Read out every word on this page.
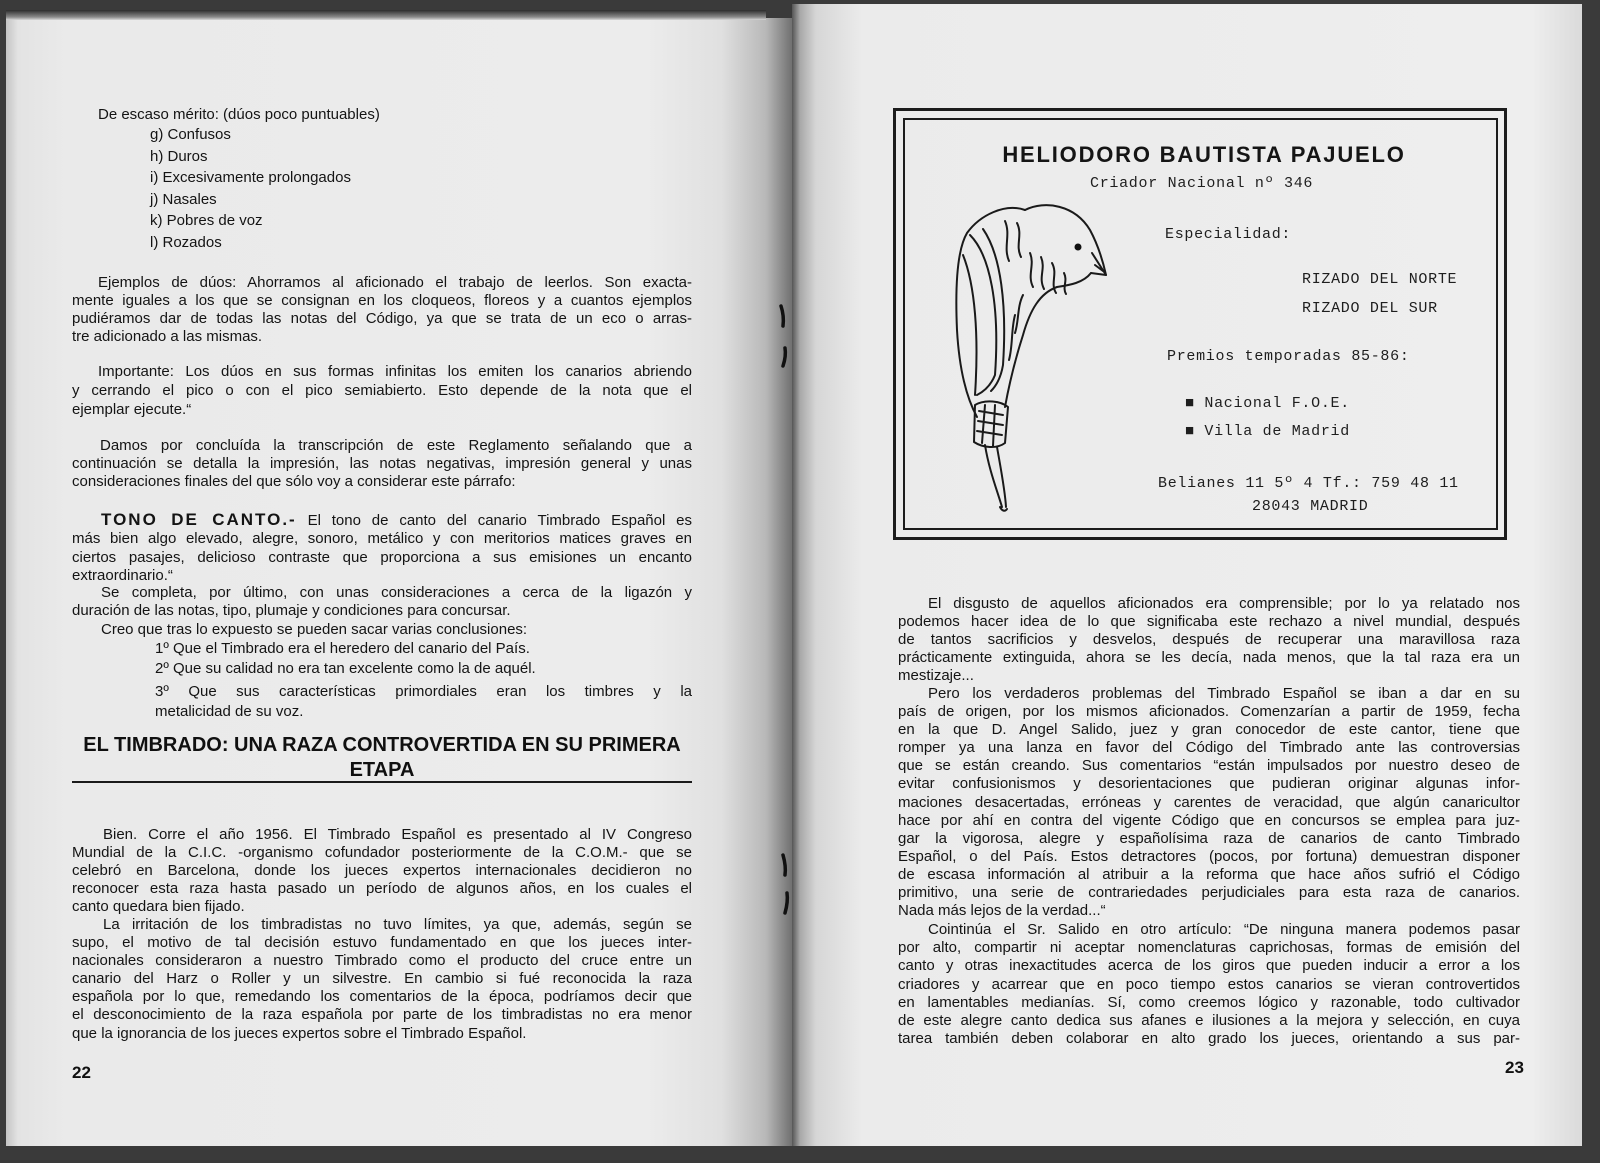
De escaso mérito: (dúos poco puntuables)
g) Confusos
h) Duros
i) Excesivamente prolongados
j) Nasales
k) Pobres de voz
l) Rozados
Ejemplos de dúos: Ahorramos al aficionado el trabajo de leerlos. Son exacta-
mente iguales a los que se consignan en los cloqueos, floreos y a cuantos ejemplos
pudiéramos dar de todas las notas del Código, ya que se trata de un eco o arras-
tre adicionado a las mismas.
Importante: Los dúos en sus formas infinitas los emiten los canarios abriendo
y cerrando el pico o con el pico semiabierto. Esto depende de la nota que el
ejemplar ejecute.“
Damos por concluída la transcripción de este Reglamento señalando que a
continuación se detalla la impresión, las notas negativas, impresión general y unas
consideraciones finales del que sólo voy a considerar este párrafo:
TONO DE CANTO.- El tono de canto del canario Timbrado Español es
más bien algo elevado, alegre, sonoro, metálico y con meritorios matices graves en
ciertos pasajes, delicioso contraste que proporciona a sus emisiones un encanto
extraordinario.“
Se completa, por último, con unas consideraciones a cerca de la ligazón y
duración de las notas, tipo, plumaje y condiciones para concursar.
Creo que tras lo expuesto se pueden sacar varias conclusiones:
1º Que el Timbrado era el heredero del canario del País.
2º Que su calidad no era tan excelente como la de aquél.
3º Que sus características primordiales eran los timbres y la
metalicidad de su voz.
EL TIMBRADO: UNA RAZA CONTROVERTIDA EN SU PRIMERA
ETAPA
Bien. Corre el año 1956. El Timbrado Español es presentado al IV Congreso
Mundial de la C.I.C. -organismo cofundador posteriormente de la C.O.M.- que se
celebró en Barcelona, donde los jueces expertos internacionales decidieron no
reconocer esta raza hasta pasado un período de algunos años, en los cuales el
canto quedara bien fijado.
La irritación de los timbradistas no tuvo límites, ya que, además, según se
supo, el motivo de tal decisión estuvo fundamentado en que los jueces inter-
nacionales consideraron a nuestro Timbrado como el producto del cruce entre un
canario del Harz o Roller y un silvestre. En cambio si fué reconocida la raza
española por lo que, remedando los comentarios de la época, podríamos decir que
el desconocimiento de la raza española por parte de los timbradistas no era menor
que la ignorancia de los jueces expertos sobre el Timbrado Español.
22
HELIODORO BAUTISTA PAJUELO
Criador Nacional nº 346
Especialidad:
RIZADO DEL NORTE
RIZADO DEL SUR
Premios temporadas 85-86:
■ Nacional F.O.E.
■ Villa de Madrid
Belianes 11 5º 4 Tf.: 759 48 11
28043 MADRID
El disgusto de aquellos aficionados era comprensible; por lo ya relatado nos
podemos hacer idea de lo que significaba este rechazo a nivel mundial, después
de tantos sacrificios y desvelos, después de recuperar una maravillosa raza
prácticamente extinguida, ahora se les decía, nada menos, que la tal raza era un
mestizaje...
Pero los verdaderos problemas del Timbrado Español se iban a dar en su
país de origen, por los mismos aficionados. Comenzarían a partir de 1959, fecha
en la que D. Angel Salido, juez y gran conocedor de este cantor, tiene que
romper ya una lanza en favor del Código del Timbrado ante las controversias
que se están creando. Sus comentarios “están impulsados por nuestro deseo de
evitar confusionismos y desorientaciones que pudieran originar algunas infor-
maciones desacertadas, erróneas y carentes de veracidad, que algún canaricultor
hace por ahí en contra del vigente Código que en concursos se emplea para juz-
gar la vigorosa, alegre y españolísima raza de canarios de canto Timbrado
Español, o del País. Estos detractores (pocos, por fortuna) demuestran disponer
de escasa información al atribuir a la reforma que hace años sufrió el Código
primitivo, una serie de contrariedades perjudiciales para esta raza de canarios.
Nada más lejos de la verdad...“
Cointinúa el Sr. Salido en otro artículo: “De ninguna manera podemos pasar
por alto, compartir ni aceptar nomenclaturas caprichosas, formas de emisión del
canto y otras inexactitudes acerca de los giros que pueden inducir a error a los
criadores y acarrear que en poco tiempo estos canarios se vieran controvertidos
en lamentables medianías. Sí, como creemos lógico y razonable, todo cultivador
de este alegre canto dedica sus afanes e ilusiones a la mejora y selección, en cuya
tarea también deben colaborar en alto grado los jueces, orientando a sus par-
23
